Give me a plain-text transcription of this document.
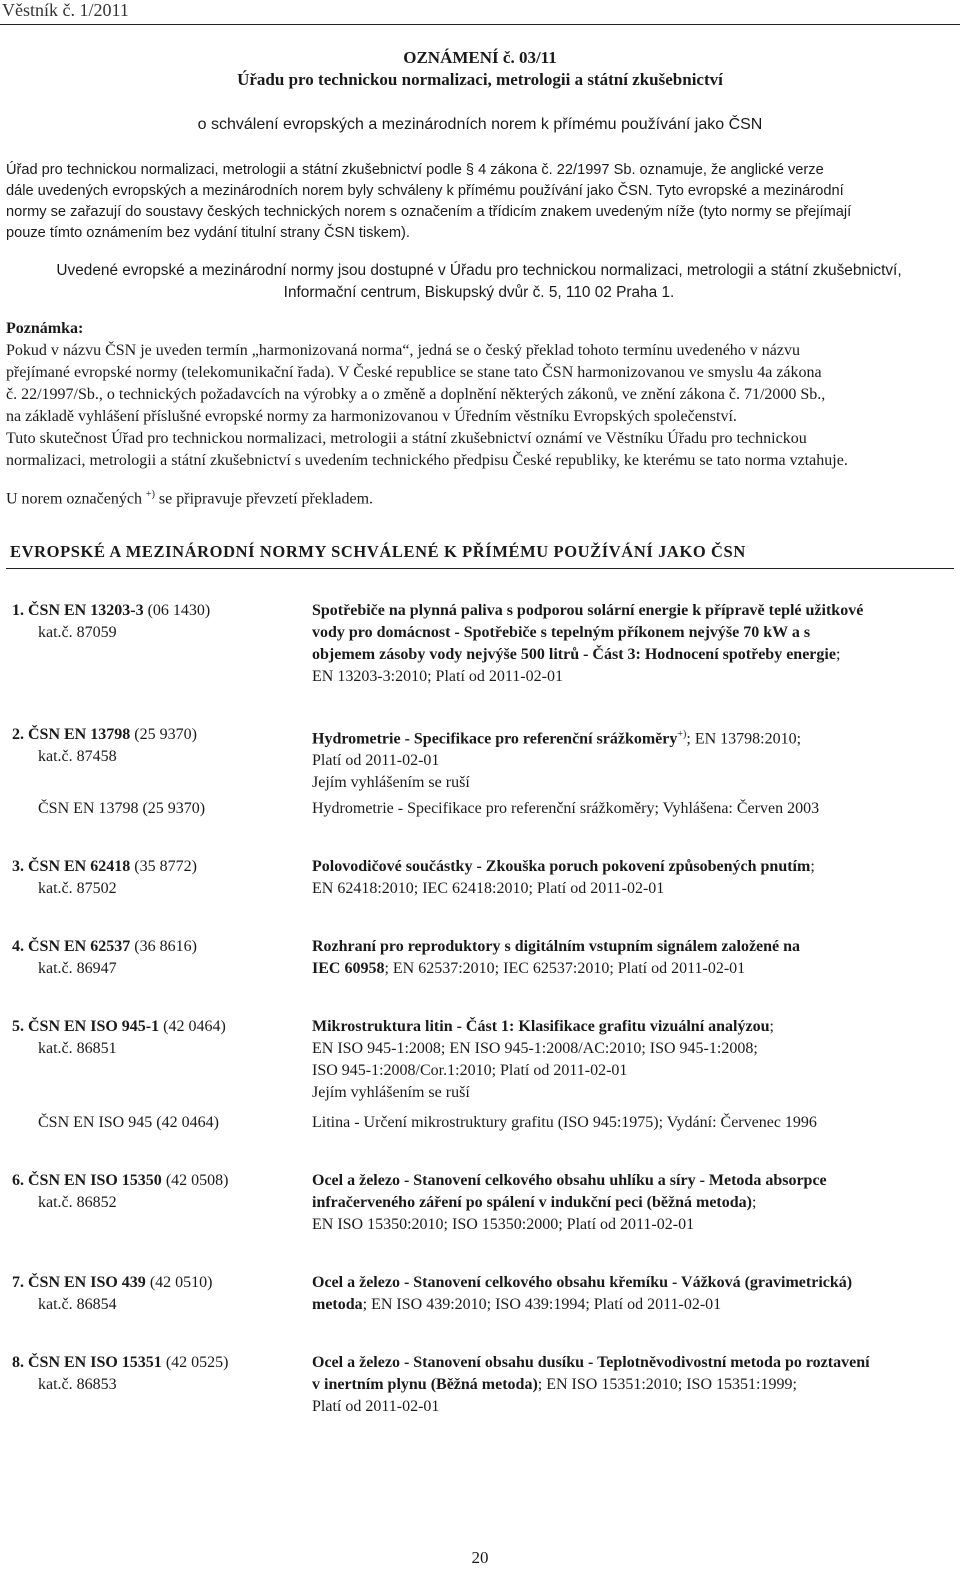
Věstník č. 1/2011
OZNÁMENÍ č. 03/11
Úřadu pro technickou normalizaci, metrologii a státní zkušebnictví
o schválení evropských a mezinárodních norem k přímému používání jako ČSN
Úřad pro technickou normalizaci, metrologii a státní zkušebnictví podle § 4 zákona č. 22/1997 Sb. oznamuje, že anglické verze
dále uvedených evropských a mezinárodních norem byly schváleny k přímému používání jako ČSN. Tyto evropské a mezinárodní
normy se zařazují do soustavy českých technických norem s označením a třídicím znakem uvedeným níže (tyto normy se přejímají
pouze tímto oznámením bez vydání titulní strany ČSN tiskem).
Uvedené evropské a mezinárodní normy jsou dostupné v Úřadu pro technickou normalizaci, metrologii a státní zkušebnictví,
Informační centrum, Biskupský dvůr č. 5, 110 02 Praha 1.
Poznámka:
Pokud v názvu ČSN je uveden termín „harmonizovaná norma“, jedná se o český překlad tohoto termínu uvedeného v názvu
přejímané evropské normy (telekomunikační řada). V České republice se stane tato ČSN harmonizovanou ve smyslu 4a zákona
č. 22/1997/Sb., o technických požadavcích na výrobky a o změně a doplnění některých zákonů, ve znění zákona č. 71/2000 Sb.,
na základě vyhlášení příslušné evropské normy za harmonizovanou v Úředním věstníku Evropských společenství.
Tuto skutečnost Úřad pro technickou normalizaci, metrologii a státní zkušebnictví oznámí ve Věstníku Úřadu pro technickou
normalizaci, metrologii a státní zkušebnictví s uvedením technického předpisu České republiky, ke kterému se tato norma vztahuje.
U norem označených +) se připravuje převzetí překladem.
EVROPSKÉ A MEZINÁRODNÍ NORMY SCHVÁLENÉ K PŘÍMÉMU POUŽÍVÁNÍ JAKO ČSN
1. ČSN EN 13203-3 (06 1430)
kat.č. 87059
Spotřebiče na plynná paliva s podporou solární energie k přípravě teplé užitkové
vody pro domácnost - Spotřebiče s tepelným příkonem nejvýše 70 kW a s
objemem zásoby vody nejvýše 500 litrů - Část 3: Hodnocení spotřeby energie;
EN 13203-3:2010; Platí od 2011-02-01
2. ČSN EN 13798 (25 9370)
kat.č. 87458
Hydrometrie - Specifikace pro referenční srážkoměry+); EN 13798:2010;
Platí od 2011-02-01
Jejím vyhlášením se ruší
ČSN EN 13798 (25 9370)	Hydrometrie - Specifikace pro referenční srážkoměry; Vyhlášena: Červen 2003
3. ČSN EN 62418 (35 8772)
kat.č. 87502
Polovodičové součástky - Zkouška poruch pokovení způsobených pnutím;
EN 62418:2010; IEC 62418:2010; Platí od 2011-02-01
4. ČSN EN 62537 (36 8616)
kat.č. 86947
Rozhraní pro reproduktory s digitálním vstupním signálem založené na
IEC 60958; EN 62537:2010; IEC 62537:2010; Platí od 2011-02-01
5. ČSN EN ISO 945-1 (42 0464)
kat.č. 86851
Mikrostruktura litin - Část 1: Klasifikace grafitu vizuální analýzou;
EN ISO 945-1:2008; EN ISO 945-1:2008/AC:2010; ISO 945-1:2008;
ISO 945-1:2008/Cor.1:2010; Platí od 2011-02-01
Jejím vyhlášením se ruší
ČSN EN ISO 945 (42 0464)	Litina - Určení mikrostruktury grafitu (ISO 945:1975); Vydání: Červenec 1996
6. ČSN EN ISO 15350 (42 0508)
kat.č. 86852
Ocel a železo - Stanovení celkového obsahu uhlíku a síry - Metoda absorpce
infračerveného záření po spálení v indukční peci (běžná metoda);
EN ISO 15350:2010; ISO 15350:2000; Platí od 2011-02-01
7. ČSN EN ISO 439 (42 0510)
kat.č. 86854
Ocel a železo - Stanovení celkového obsahu křemíku - Vážková (gravimetrická)
metoda; EN ISO 439:2010; ISO 439:1994; Platí od 2011-02-01
8. ČSN EN ISO 15351 (42 0525)
kat.č. 86853
Ocel a železo - Stanovení obsahu dusíku - Teplotněvodivostní metoda po roztavení
v inertním plynu (Běžná metoda); EN ISO 15351:2010; ISO 15351:1999;
Platí od 2011-02-01
20
